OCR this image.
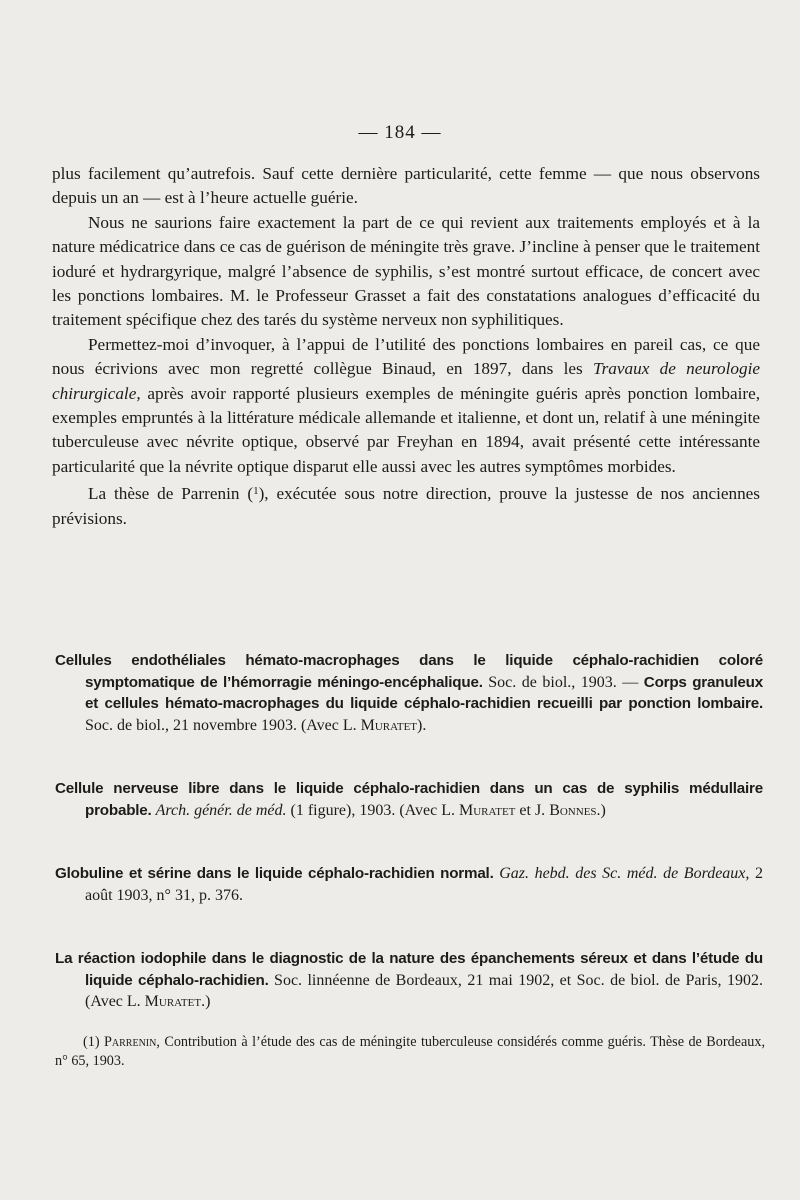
— 184 —

plus facilement qu’autrefois. Sauf cette dernière particularité, cette femme — que nous observons depuis un an — est à l’heure actuelle guérie.

Nous ne saurions faire exactement la part de ce qui revient aux traitements employés et à la nature médicatrice dans ce cas de guérison de méningite très grave. J’incline à penser que le traitement ioduré et hydrargyrique, malgré l’absence de syphilis, s’est montré surtout efficace, de concert avec les ponctions lombaires. M. le Professeur Grasset a fait des constatations analogues d’efficacité du traitement spécifique chez des tarés du système nerveux non syphilitiques.

Permettez-moi d’invoquer, à l’appui de l’utilité des ponctions lombaires en pareil cas, ce que nous écrivions avec mon regretté collègue Binaud, en 1897, dans les Travaux de neurologie chirurgicale, après avoir rapporté plusieurs exemples de méningite guéris après ponction lombaire, exemples empruntés à la littérature médicale allemande et italienne, et dont un, relatif à une méningite tuberculeuse avec névrite optique, observé par Freyhan en 1894, avait présenté cette intéressante particularité que la névrite optique disparut elle aussi avec les autres symptômes morbides.

La thèse de Parrenin ($^1$), exécutée sous notre direction, prouve la justesse de nos anciennes prévisions.

Cellules endothéliales hémato-macrophages dans le liquide céphalo-rachidien coloré symptomatique de l’hémorragie méningo-encéphalique. Soc. de biol., 1903. — Corps granuleux et cellules hémato-macrophages du liquide céphalo-rachidien recueilli par ponction lombaire. Soc. de biol., 21 novembre 1903. (Avec L. Muratet).
Cellule nerveuse libre dans le liquide céphalo-rachidien dans un cas de syphilis médullaire probable. Arch. génér. de méd. (1 figure), 1903. (Avec L. Muratet et J. Bonnes.)
Globuline et sérine dans le liquide céphalo-rachidien normal. Gaz. hebd. des Sc. méd. de Bordeaux, 2 août 1903, n° 31, p. 376.
La réaction iodophile dans le diagnostic de la nature des épanchements séreux et dans l’étude du liquide céphalo-rachidien. Soc. linnéenne de Bordeaux, 21 mai 1902, et Soc. de biol. de Paris, 1902. (Avec L. Muratet.)
(1) Parrenin, Contribution à l’étude des cas de méningite tuberculeuse considérés comme guéris. Thèse de Bordeaux, n° 65, 1903.
